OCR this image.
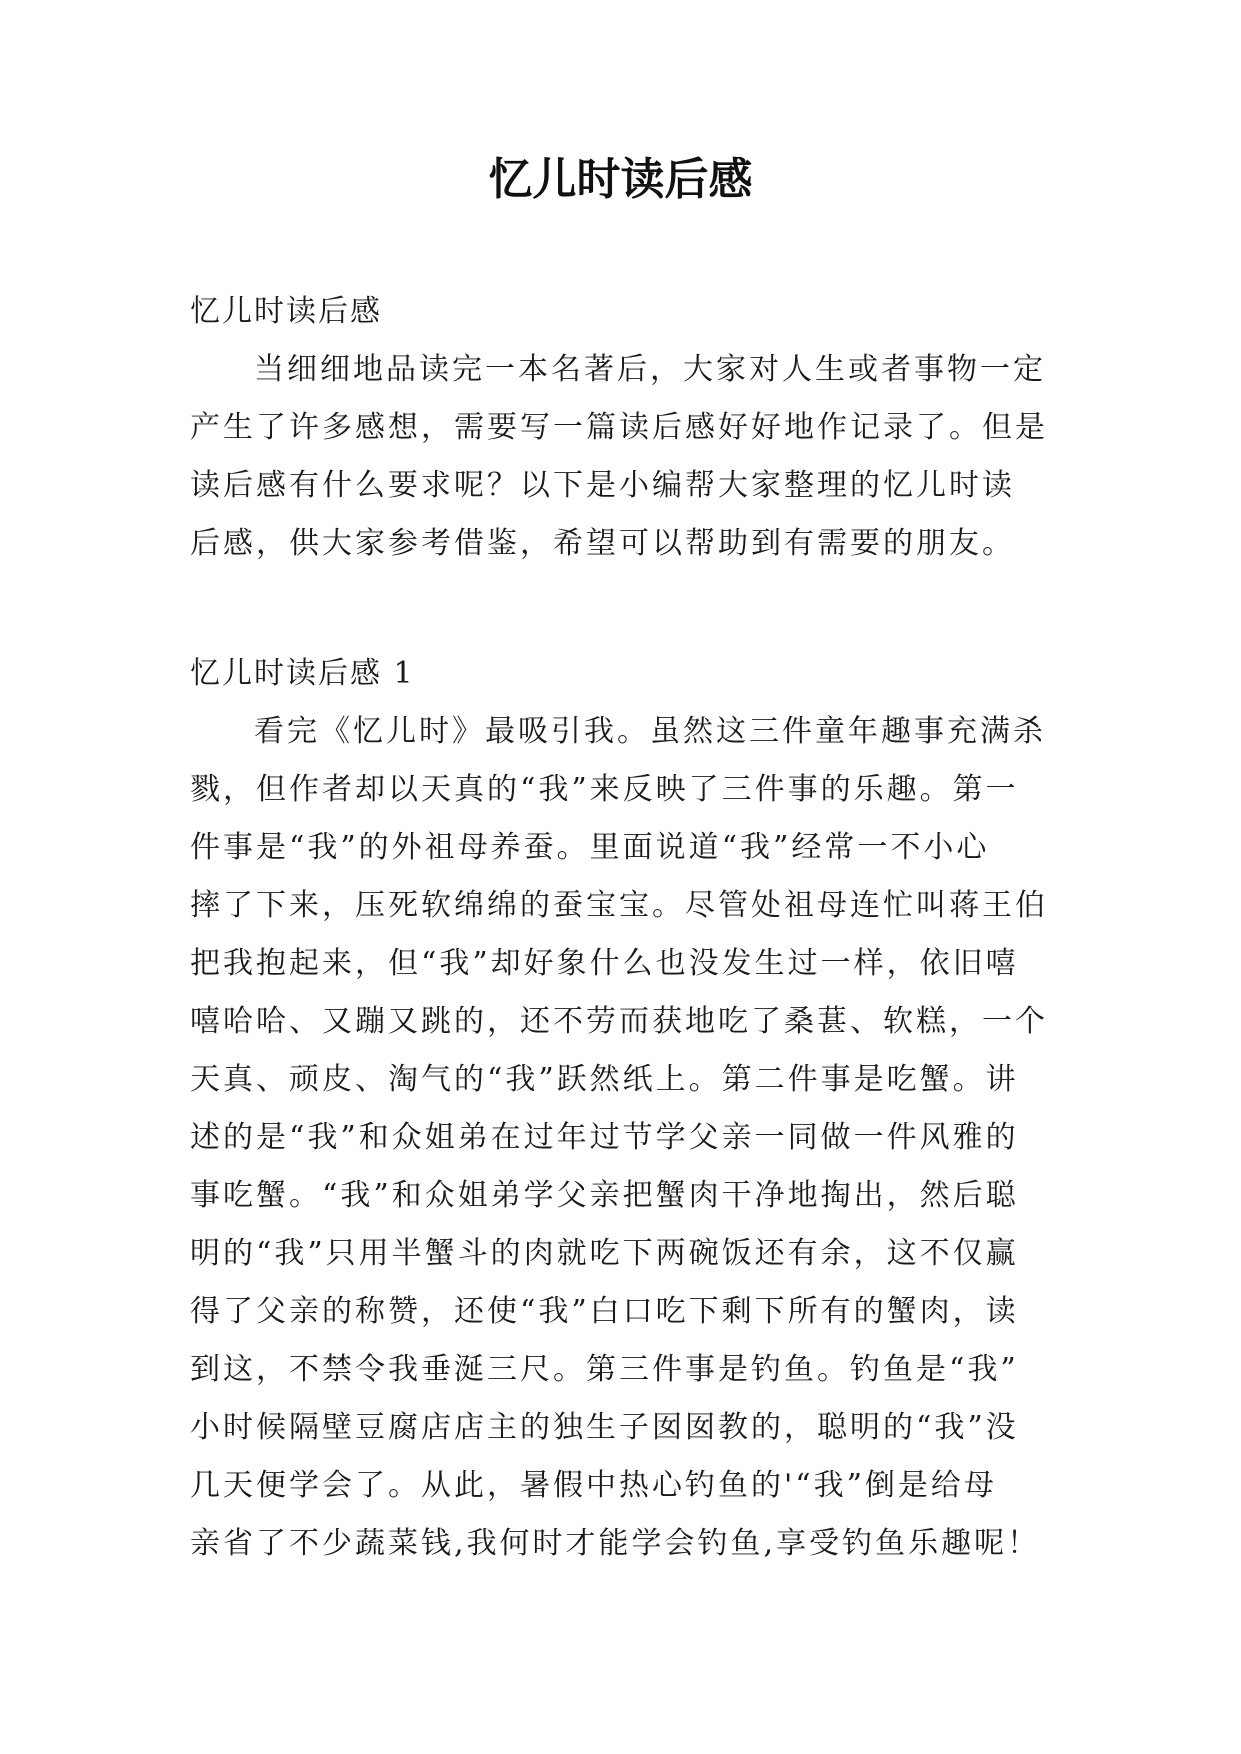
忆儿时读后感

忆儿时读后感

当细细地品读完一本名著后，大家对人生或者事物一定

产生了许多感想，需要写一篇读后感好好地作记录了。但是

读后感有什么要求呢？以下是小编帮大家整理的忆儿时读

后感，供大家参考借鉴，希望可以帮助到有需要的朋友。

忆儿时读后感 1

看完《忆儿时》最吸引我。虽然这三件童年趣事充满杀

戮，但作者却以天真的“我”来反映了三件事的乐趣。第一

件事是“我”的外祖母养蚕。里面说道“我”经常一不小心

摔了下来，压死软绵绵的蚕宝宝。尽管处祖母连忙叫蒋王伯

把我抱起来，但“我”却好象什么也没发生过一样，依旧嘻

嘻哈哈、又蹦又跳的，还不劳而获地吃了桑葚、软糕，一个

天真、顽皮、淘气的“我”跃然纸上。第二件事是吃蟹。讲

述的是“我”和众姐弟在过年过节学父亲一同做一件风雅的

事吃蟹。“我”和众姐弟学父亲把蟹肉干净地掏出，然后聪

明的“我”只用半蟹斗的肉就吃下两碗饭还有余，这不仅赢

得了父亲的称赞，还使“我”白口吃下剩下所有的蟹肉，读

到这，不禁令我垂涎三尺。第三件事是钓鱼。钓鱼是“我”

小时候隔壁豆腐店店主的独生子囡囡教的，聪明的“我”没

几天便学会了。从此，暑假中热心钓鱼的'“我”倒是给母

亲省了不少蔬菜钱,我何时才能学会钓鱼,享受钓鱼乐趣呢！
